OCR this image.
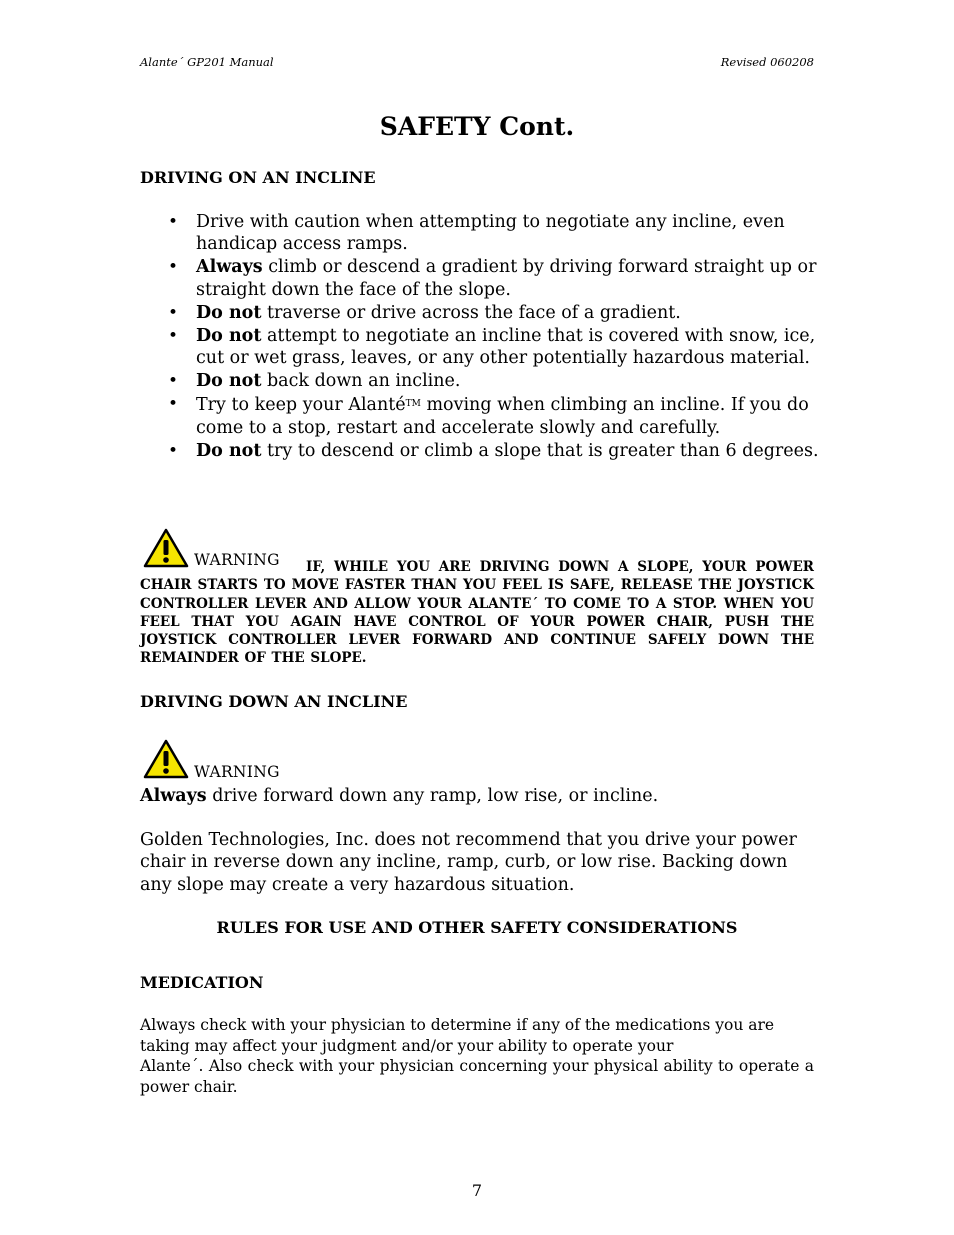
Alante´ GP201 Manual	Revised 060208
SAFETY Cont.
DRIVING ON AN INCLINE
• Drive with caution when attempting to negotiate any incline, even handicap access ramps.
• Always climb or descend a gradient by driving forward straight up or straight down the face of the slope.
• Do not traverse or drive across the face of a gradient.
• Do not attempt to negotiate an incline that is covered with snow, ice, cut or wet grass, leaves, or any other potentially hazardous material.
• Do not back down an incline.
• Try to keep your Alanté™ moving when climbing an incline. If you do come to a stop, restart and accelerate slowly and carefully.
• Do not try to descend or climb a slope that is greater than 6 degrees.
WARNING	IF, WHILE YOU ARE DRIVING DOWN A SLOPE, YOUR POWER CHAIR STARTS TO MOVE FASTER THAN YOU FEEL IS SAFE, RELEASE THE JOYSTICK CONTROLLER LEVER AND ALLOW YOUR ALANTE´ TO COME TO A STOP. WHEN YOU FEEL THAT YOU AGAIN HAVE CONTROL OF YOUR POWER CHAIR, PUSH THE JOYSTICK CONTROLLER LEVER FORWARD AND CONTINUE SAFELY DOWN THE REMAINDER OF THE SLOPE.

DRIVING DOWN AN INCLINE
WARNING

Always drive forward down any ramp, low rise, or incline.

Golden Technologies, Inc. does not recommend that you drive your power chair in reverse down any incline, ramp, curb, or low rise. Backing down any slope may create a very hazardous situation.

RULES FOR USE AND OTHER SAFETY CONSIDERATIONS
MEDICATION
Always check with your physician to determine if any of the medications you are taking may affect your judgment and/or your ability to operate your
Alante´. Also check with your physician concerning your physical ability to operate a power chair.
7
